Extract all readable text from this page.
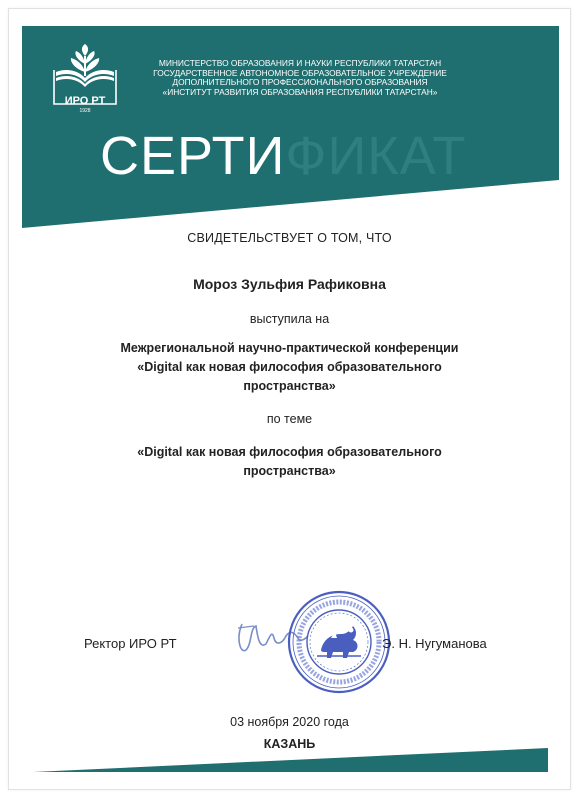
ИРО РТ
1928
МИНИСТЕРСТВО ОБРАЗОВАНИЯ И НАУКИ РЕСПУБЛИКИ ТАТАРСТАН
ГОСУДАРСТВЕННОЕ АВТОНОМНОЕ ОБРАЗОВАТЕЛЬНОЕ УЧРЕЖДЕНИЕ
ДОПОЛНИТЕЛЬНОГО ПРОФЕССИОНАЛЬНОГО ОБРАЗОВАНИЯ
«ИНСТИТУТ РАЗВИТИЯ ОБРАЗОВАНИЯ РЕСПУБЛИКИ ТАТАРСТАН»
СЕРТИФИКАТ
СВИДЕТЕЛЬСТВУЕТ О ТОМ, ЧТО
Мороз Зульфия Рафиковна
выступила на
Межрегиональной научно-практической конференции
«Digital как новая философия образовательного
пространства»
по теме
«Digital как новая философия образовательного
пространства»
Ректор ИРО РТ	Э. Н. Нугуманова
03 ноября 2020 года
КАЗАНЬ
